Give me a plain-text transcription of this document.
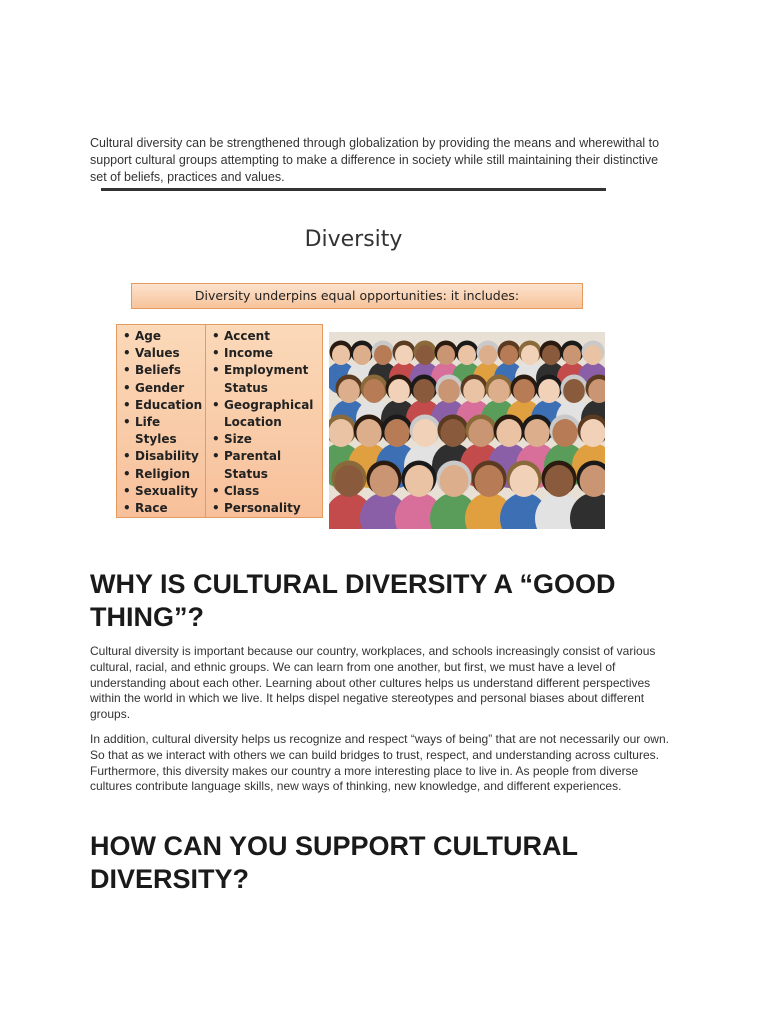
Cultural diversity can be strengthened through globalization by providing the means and wherewithal to support cultural groups attempting to make a difference in society while still maintaining their distinctive set of beliefs, practices and values.

Diversity
Diversity underpins equal opportunities: it includes:
• Age
• Values
• Beliefs
• Gender
• Education
• Life Styles
• Disability
• Religion
• Sexuality
• Race
• Accent
• Income
• Employment Status
• Geographical Location
• Size
• Parental Status
• Class
• Personality
WHY IS CULTURAL DIVERSITY A “GOOD THING”?

Cultural diversity is important because our country, workplaces, and schools increasingly consist of various cultural, racial, and ethnic groups. We can learn from one another, but first, we must have a level of understanding about each other. Learning about other cultures helps us understand different perspectives within the world in which we live. It helps dispel negative stereotypes and personal biases about different groups.

In addition, cultural diversity helps us recognize and respect “ways of being” that are not necessarily our own. So that as we interact with others we can build bridges to trust, respect, and understanding across cultures. Furthermore, this diversity makes our country a more interesting place to live in. As people from diverse cultures contribute language skills, new ways of thinking, new knowledge, and different experiences.

HOW CAN YOU SUPPORT CULTURAL DIVERSITY?
